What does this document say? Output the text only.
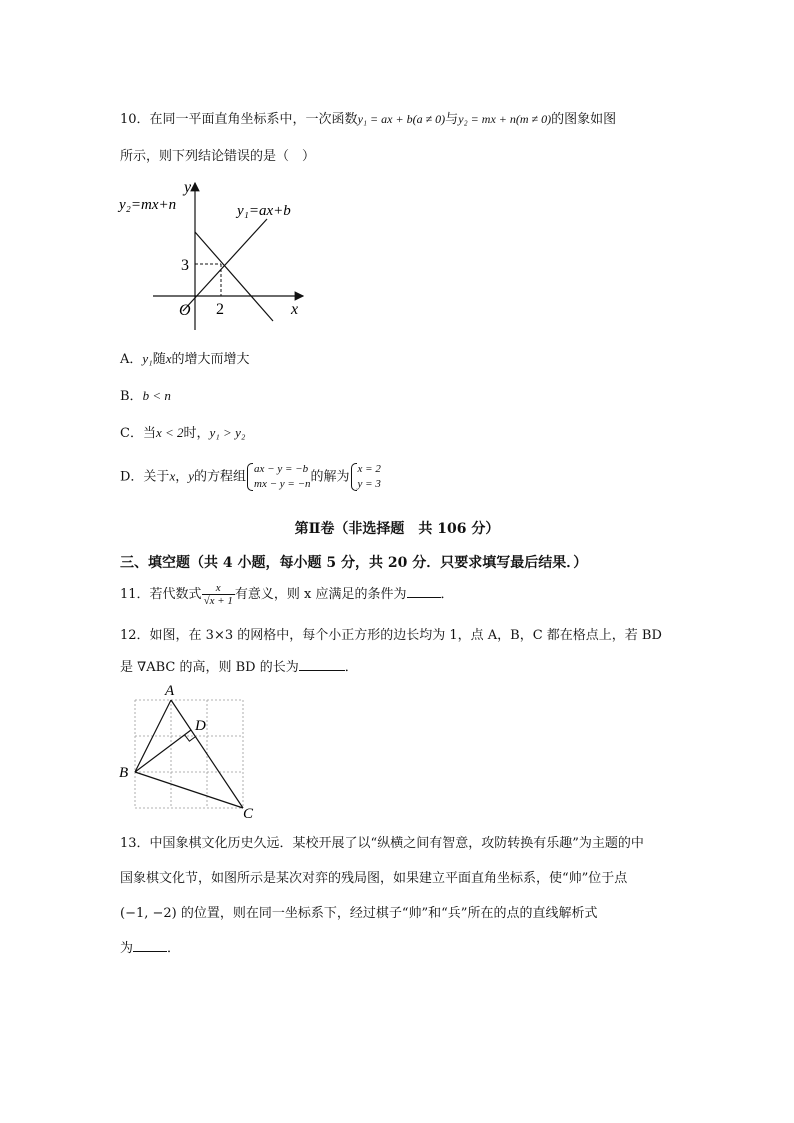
10．在同一平面直角坐标系中，一次函数y₁ = ax + b(a ≠ 0)与y₂ = mx + n(m ≠ 0)的图象如图
所示，则下列结论错误的是（　）
y₂=mx+n	y₁=ax+b
y
x
O 2
3
A．y₁随x的增大而增大
B．b < n
C．当x < 2时，y₁ > y₂
D．关于x，y的方程组
ax − y = −b
mx − y = −n 的解为
x = 2
y = 3
第Ⅱ卷（非选择题　共 106 分）
三、填空题（共 4 小题，每小题 5 分，共 20 分．只要求填写最后结果．）
11．若代数式 $\frac{x}{√x + 1}$ 有意义，则 x 应满足的条件为	．
12．如图，在 3×3 的网格中，每个小正方形的边长均为 1，点 A，B，C 都在格点上，若 BD
是 ∇ABC 的高，则 BD 的长为	．
A
B
C
D
13．中国象棋文化历史久远．某校开展了以“纵横之间有智意，攻防转换有乐趣”为主题的中
国象棋文化节，如图所示是某次对弈的残局图，如果建立平面直角坐标系，使“帅”位于点
(−1, −2) 的位置，则在同一坐标系下，经过棋子“帅”和“兵”所在的点的直线解析式
为	．
